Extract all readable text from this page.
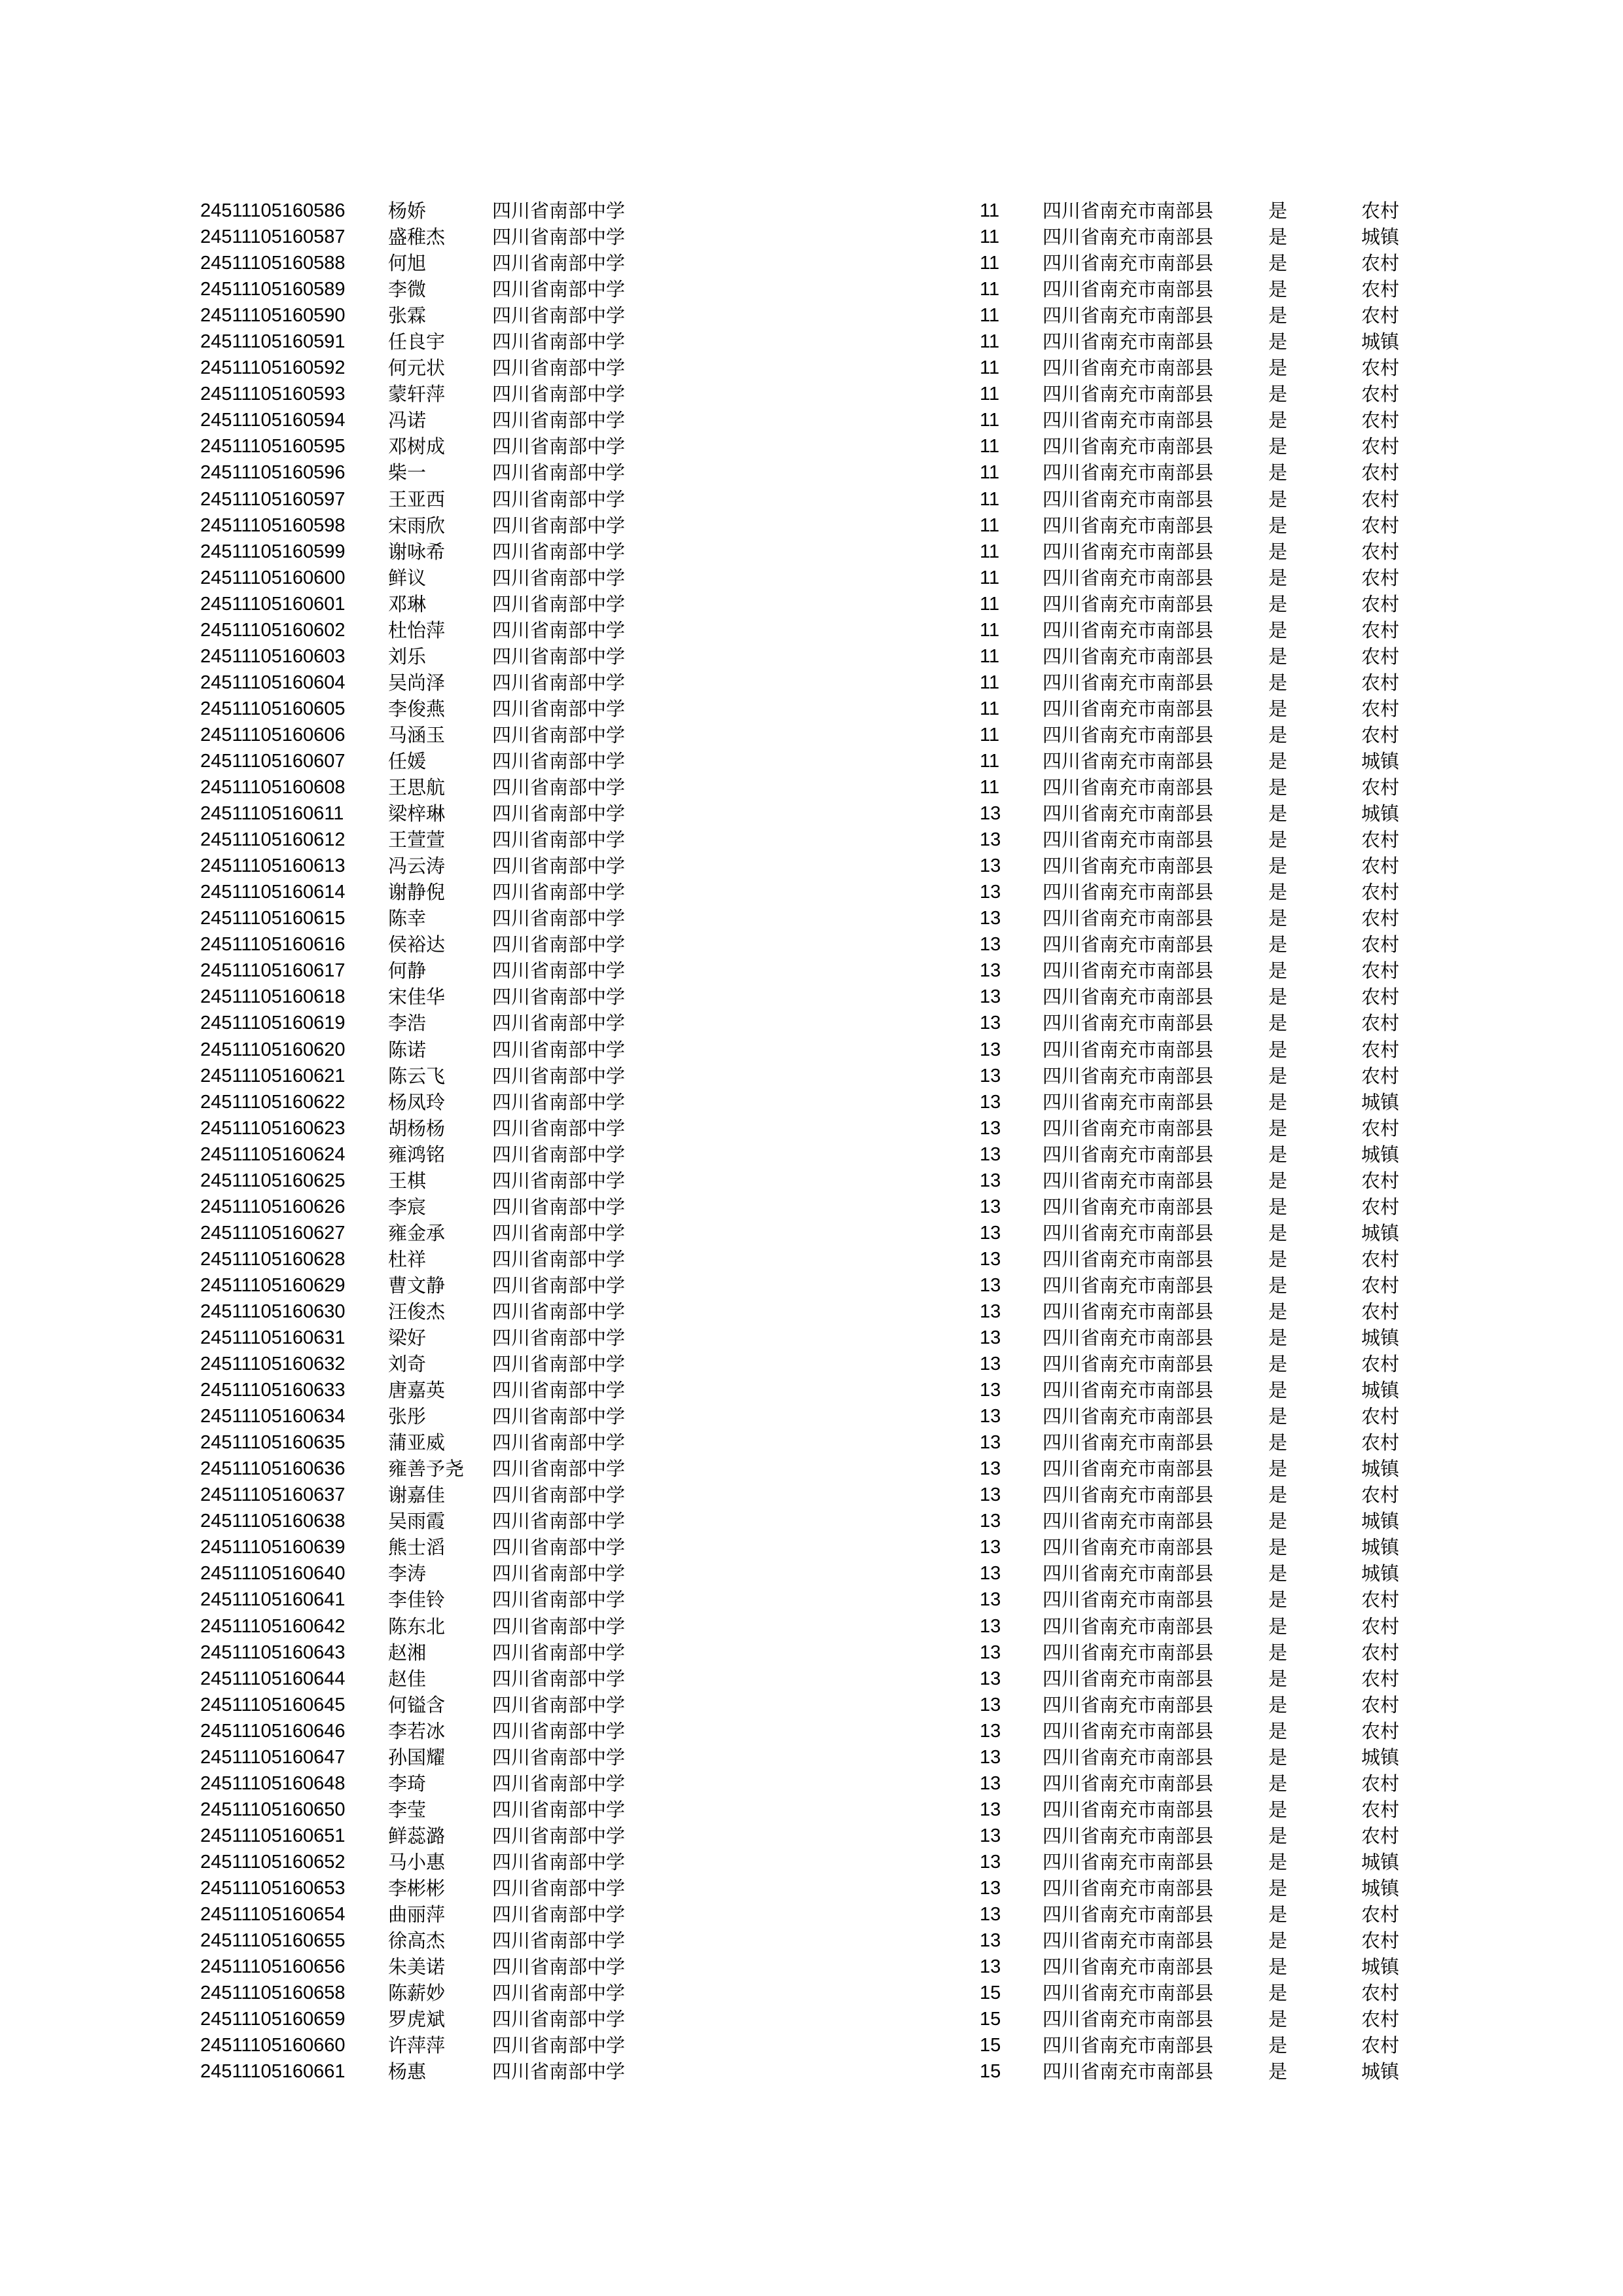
24511105160586 杨娇	四川省南部中学	11 四川省南充市南部县	是	农村
24511105160587 盛稚杰 四川省南部中学	11 四川省南充市南部县	是	城镇
24511105160588 何旭	四川省南部中学	11 四川省南充市南部县	是	农村
24511105160589 李微	四川省南部中学	11 四川省南充市南部县	是	农村
24511105160590 张霖	四川省南部中学	11 四川省南充市南部县	是	农村
24511105160591 任良宇 四川省南部中学	11 四川省南充市南部县	是	城镇
24511105160592 何元状 四川省南部中学	11 四川省南充市南部县	是	农村
24511105160593 蒙轩萍 四川省南部中学	11 四川省南充市南部县	是	农村
24511105160594 冯诺	四川省南部中学	11 四川省南充市南部县	是	农村
24511105160595 邓树成 四川省南部中学	11 四川省南充市南部县	是	农村
24511105160596 柴一	四川省南部中学	11 四川省南充市南部县	是	农村
24511105160597 王亚西 四川省南部中学	11 四川省南充市南部县	是	农村
24511105160598 宋雨欣 四川省南部中学	11 四川省南充市南部县	是	农村
24511105160599 谢咏希 四川省南部中学	11 四川省南充市南部县	是	农村
24511105160600 鲜议	四川省南部中学	11 四川省南充市南部县	是	农村
24511105160601 邓琳	四川省南部中学	11 四川省南充市南部县	是	农村
24511105160602 杜怡萍 四川省南部中学	11 四川省南充市南部县	是	农村
24511105160603 刘乐	四川省南部中学	11 四川省南充市南部县	是	农村
24511105160604 吴尚泽 四川省南部中学	11 四川省南充市南部县	是	农村
24511105160605 李俊燕 四川省南部中学	11 四川省南充市南部县	是	农村
24511105160606 马涵玉 四川省南部中学	11 四川省南充市南部县	是	农村
24511105160607 任媛	四川省南部中学	11 四川省南充市南部县	是	城镇
24511105160608 王思航 四川省南部中学	11 四川省南充市南部县	是	农村
24511105160611 梁梓琳 四川省南部中学	13 四川省南充市南部县	是	城镇
24511105160612 王萱萱 四川省南部中学	13 四川省南充市南部县	是	农村
24511105160613 冯云涛 四川省南部中学	13 四川省南充市南部县	是	农村
24511105160614 谢静倪 四川省南部中学	13 四川省南充市南部县	是	农村
24511105160615 陈幸	四川省南部中学	13 四川省南充市南部县	是	农村
24511105160616 侯裕达 四川省南部中学	13 四川省南充市南部县	是	农村
24511105160617 何静	四川省南部中学	13 四川省南充市南部县	是	农村
24511105160618 宋佳华 四川省南部中学	13 四川省南充市南部县	是	农村
24511105160619 李浩	四川省南部中学	13 四川省南充市南部县	是	农村
24511105160620 陈诺	四川省南部中学	13 四川省南充市南部县	是	农村
24511105160621 陈云飞 四川省南部中学	13 四川省南充市南部县	是	农村
24511105160622 杨凤玲 四川省南部中学	13 四川省南充市南部县	是	城镇
24511105160623 胡杨杨 四川省南部中学	13 四川省南充市南部县	是	农村
24511105160624 雍鸿铭 四川省南部中学	13 四川省南充市南部县	是	城镇
24511105160625 王棋	四川省南部中学	13 四川省南充市南部县	是	农村
24511105160626 李宸	四川省南部中学	13 四川省南充市南部县	是	农村
24511105160627 雍金承 四川省南部中学	13 四川省南充市南部县	是	城镇
24511105160628 杜祥	四川省南部中学	13 四川省南充市南部县	是	农村
24511105160629 曹文静 四川省南部中学	13 四川省南充市南部县	是	农村
24511105160630 汪俊杰 四川省南部中学	13 四川省南充市南部县	是	农村
24511105160631 梁好	四川省南部中学	13 四川省南充市南部县	是	城镇
24511105160632 刘奇	四川省南部中学	13 四川省南充市南部县	是	农村
24511105160633 唐嘉英 四川省南部中学	13 四川省南充市南部县	是	城镇
24511105160634 张彤	四川省南部中学	13 四川省南充市南部县	是	农村
24511105160635 蒲亚威 四川省南部中学	13 四川省南充市南部县	是	农村
24511105160636 雍善予尧 四川省南部中学	13 四川省南充市南部县	是	城镇
24511105160637 谢嘉佳 四川省南部中学	13 四川省南充市南部县	是	农村
24511105160638 吴雨霞 四川省南部中学	13 四川省南充市南部县	是	城镇
24511105160639 熊士滔 四川省南部中学	13 四川省南充市南部县	是	城镇
24511105160640 李涛	四川省南部中学	13 四川省南充市南部县	是	城镇
24511105160641 李佳铃 四川省南部中学	13 四川省南充市南部县	是	农村
24511105160642 陈东北 四川省南部中学	13 四川省南充市南部县	是	农村
24511105160643 赵湘	四川省南部中学	13 四川省南充市南部县	是	农村
24511105160644 赵佳	四川省南部中学	13 四川省南充市南部县	是	农村
24511105160645 何镒含 四川省南部中学	13 四川省南充市南部县	是	农村
24511105160646 李若冰 四川省南部中学	13 四川省南充市南部县	是	农村
24511105160647 孙国耀 四川省南部中学	13 四川省南充市南部县	是	城镇
24511105160648 李琦	四川省南部中学	13 四川省南充市南部县	是	农村
24511105160650 李莹	四川省南部中学	13 四川省南充市南部县	是	农村
24511105160651 鲜蕊潞 四川省南部中学	13 四川省南充市南部县	是	农村
24511105160652 马小惠 四川省南部中学	13 四川省南充市南部县	是	城镇
24511105160653 李彬彬 四川省南部中学	13 四川省南充市南部县	是	城镇
24511105160654 曲丽萍 四川省南部中学	13 四川省南充市南部县	是	农村
24511105160655 徐高杰 四川省南部中学	13 四川省南充市南部县	是	农村
24511105160656 朱美诺 四川省南部中学	13 四川省南充市南部县	是	城镇
24511105160658 陈薪妙 四川省南部中学	15 四川省南充市南部县	是	农村
24511105160659 罗虎斌 四川省南部中学	15 四川省南充市南部县	是	农村
24511105160660 许萍萍 四川省南部中学	15 四川省南充市南部县	是	农村
24511105160661 杨惠	四川省南部中学	15 四川省南充市南部县	是	城镇
